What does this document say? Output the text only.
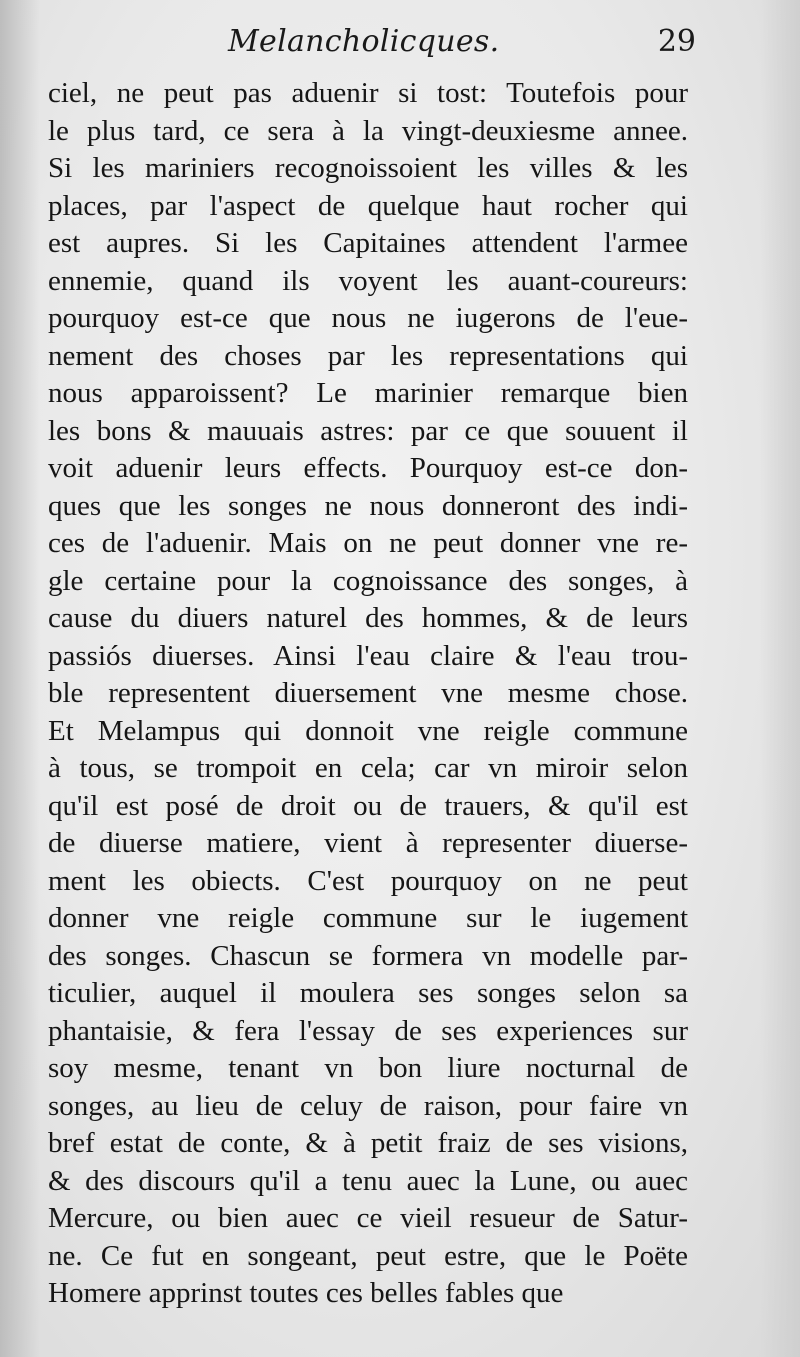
Melancholicques.	29
ciel, ne peut pas aduenir si tost: Toutefois pour
le plus tard, ce sera à la vingt-deuxiesme annee.
Si les mariniers recognoissoient les villes & les
places, par l'aspect de quelque haut rocher qui
est aupres. Si les Capitaines attendent l'armee
ennemie, quand ils voyent les auant-coureurs:
pourquoy est-ce que nous ne iugerons de l'eue-
nement des choses par les representations qui
nous apparoissent? Le marinier remarque bien
les bons & mauuais astres: par ce que souuent il
voit aduenir leurs effects. Pourquoy est-ce don-
ques que les songes ne nous donneront des indi-
ces de l'aduenir. Mais on ne peut donner vne re-
gle certaine pour la cognoissance des songes, à
cause du diuers naturel des hommes, & de leurs
passiós diuerses. Ainsi l'eau claire & l'eau trou-
ble representent diuersement vne mesme chose.
Et Melampus qui donnoit vne reigle commune
à tous, se trompoit en cela; car vn miroir selon
qu'il est posé de droit ou de trauers, & qu'il est
de diuerse matiere, vient à representer diuerse-
ment les obiects. C'est pourquoy on ne peut
donner vne reigle commune sur le iugement
des songes. Chascun se formera vn modelle par-
ticulier, auquel il moulera ses songes selon sa
phantaisie, & fera l'essay de ses experiences sur
soy mesme, tenant vn bon liure nocturnal de
songes, au lieu de celuy de raison, pour faire vn
bref estat de conte, & à petit fraiz de ses visions,
& des discours qu'il a tenu auec la Lune, ou auec
Mercure, ou bien auec ce vieil resueur de Satur-
ne. Ce fut en songeant, peut estre, que le Poëte
Homere apprinst toutes ces belles fables que
